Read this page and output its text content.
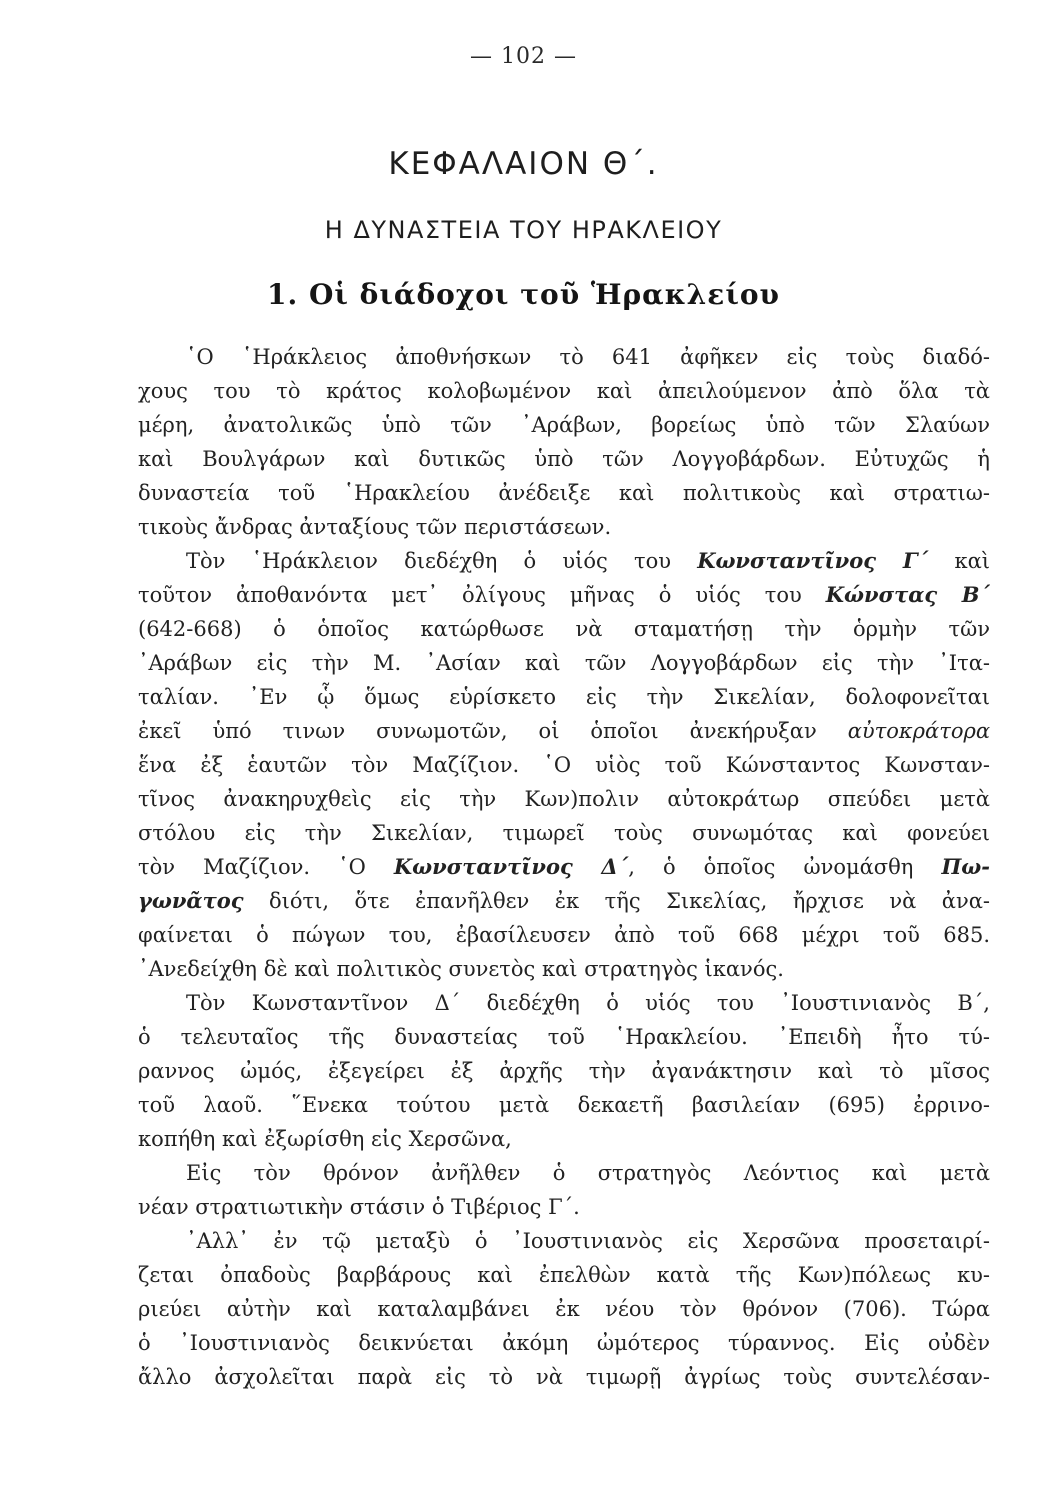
— 102 —
ΚΕΦΑΛΑΙΟΝ Θ΄.
Η ΔΥΝΑΣΤΕΙΑ ΤΟΥ ΗΡΑΚΛΕΙΟΥ
1. Οἱ διάδοχοι τοῦ Ἡρακλείου
῾Ο ῾Ηράκλειος ἀποθνήσκων τὸ 641 ἀφῆκεν εἰς τοὺς διαδό-
χους του τὸ κράτος κολοβωμένον καὶ ἀπειλούμενον ἀπὸ ὅλα τὰ
μέρη, ἀνατολικῶς ὑπὸ τῶν ᾿Αράβων, βορείως ὑπὸ τῶν Σλαύων
καὶ Βουλγάρων καὶ δυτικῶς ὑπὸ τῶν Λογγοβάρδων. Εὐτυχῶς ἡ
δυναστεία τοῦ ῾Ηρακλείου ἀνέδειξε καὶ πολιτικοὺς καὶ στρατιω-
τικοὺς ἄνδρας ἀνταξίους τῶν περιστάσεων.
Τὸν ῾Ηράκλειον διεδέχθη ὁ υἱός του Κωνσταντῖνος Γ΄ καὶ
τοῦτον ἀποθανόντα μετ᾿ ὀλίγους μῆνας ὁ υἱός του Κώνστας Β΄
(642-668) ὁ ὁποῖος κατώρθωσε νὰ σταματήσῃ τὴν ὁρμὴν τῶν
᾿Αράβων εἰς τὴν Μ. ᾿Ασίαν καὶ τῶν Λογγοβάρδων εἰς τὴν ᾿Ιτα-
ταλίαν. ᾿Εν ᾧ ὅμως εὑρίσκετο εἰς τὴν Σικελίαν, δολοφονεῖται
ἐκεῖ ὑπό τινων συνωμοτῶν, οἱ ὁποῖοι ἀνεκήρυξαν αὐτοκράτορα
ἕνα ἐξ ἑαυτῶν τὸν Μαζίζιον. ῾Ο υἱὸς τοῦ Κώνσταντος Κωνσταν-
τῖνος ἀνακηρυχθεὶς εἰς τὴν Κων)πολιν αὐτοκράτωρ σπεύδει μετὰ
στόλου εἰς τὴν Σικελίαν, τιμωρεῖ τοὺς συνωμότας καὶ φονεύει
τὸν Μαζίζιον. ῾Ο Κωνσταντῖνος Δ΄, ὁ ὁποῖος ὠνομάσθη Πω-
γωνᾶτος διότι, ὅτε ἐπανῆλθεν ἐκ τῆς Σικελίας, ἤρχισε νὰ ἀνα-
φαίνεται ὁ πώγων του, ἐβασίλευσεν ἀπὸ τοῦ 668 μέχρι τοῦ 685.
᾿Ανεδείχθη δὲ καὶ πολιτικὸς συνετὸς καὶ στρατηγὸς ἱκανός.
Τὸν Κωνσταντῖνον Δ΄ διεδέχθη ὁ υἱός του ᾿Ιουστινιανὸς Β΄,
ὁ τελευταῖος τῆς δυναστείας τοῦ ῾Ηρακλείου. ᾿Επειδὴ ἦτο τύ-
ραννος ὠμός, ἐξεγείρει ἐξ ἀρχῆς τὴν ἀγανάκτησιν καὶ τὸ μῖσος
τοῦ λαοῦ. ῞Ενεκα τούτου μετὰ δεκαετῆ βασιλείαν (695) ἐρρινο-
κοπήθη καὶ ἐξωρίσθη εἰς Χερσῶνα,
Εἰς τὸν θρόνον ἀνῆλθεν ὁ στρατηγὸς Λεόντιος καὶ μετὰ
νέαν στρατιωτικὴν στάσιν ὁ Τιβέριος Γ΄.
᾿Αλλ᾿ ἐν τῷ μεταξὺ ὁ ᾿Ιουστινιανὸς εἰς Χερσῶνα προσεταιρί-
ζεται ὀπαδοὺς βαρβάρους καὶ ἐπελθὼν κατὰ τῆς Κων)πόλεως κυ-
ριεύει αὐτὴν καὶ καταλαμβάνει ἐκ νέου τὸν θρόνον (706). Τώρα
ὁ ᾿Ιουστινιανὸς δεικνύεται ἀκόμη ὠμότερος τύραννος. Εἰς οὐδὲν
ἄλλο ἀσχολεῖται παρὰ εἰς τὸ νὰ τιμωρῇ ἀγρίως τοὺς συντελέσαν-
